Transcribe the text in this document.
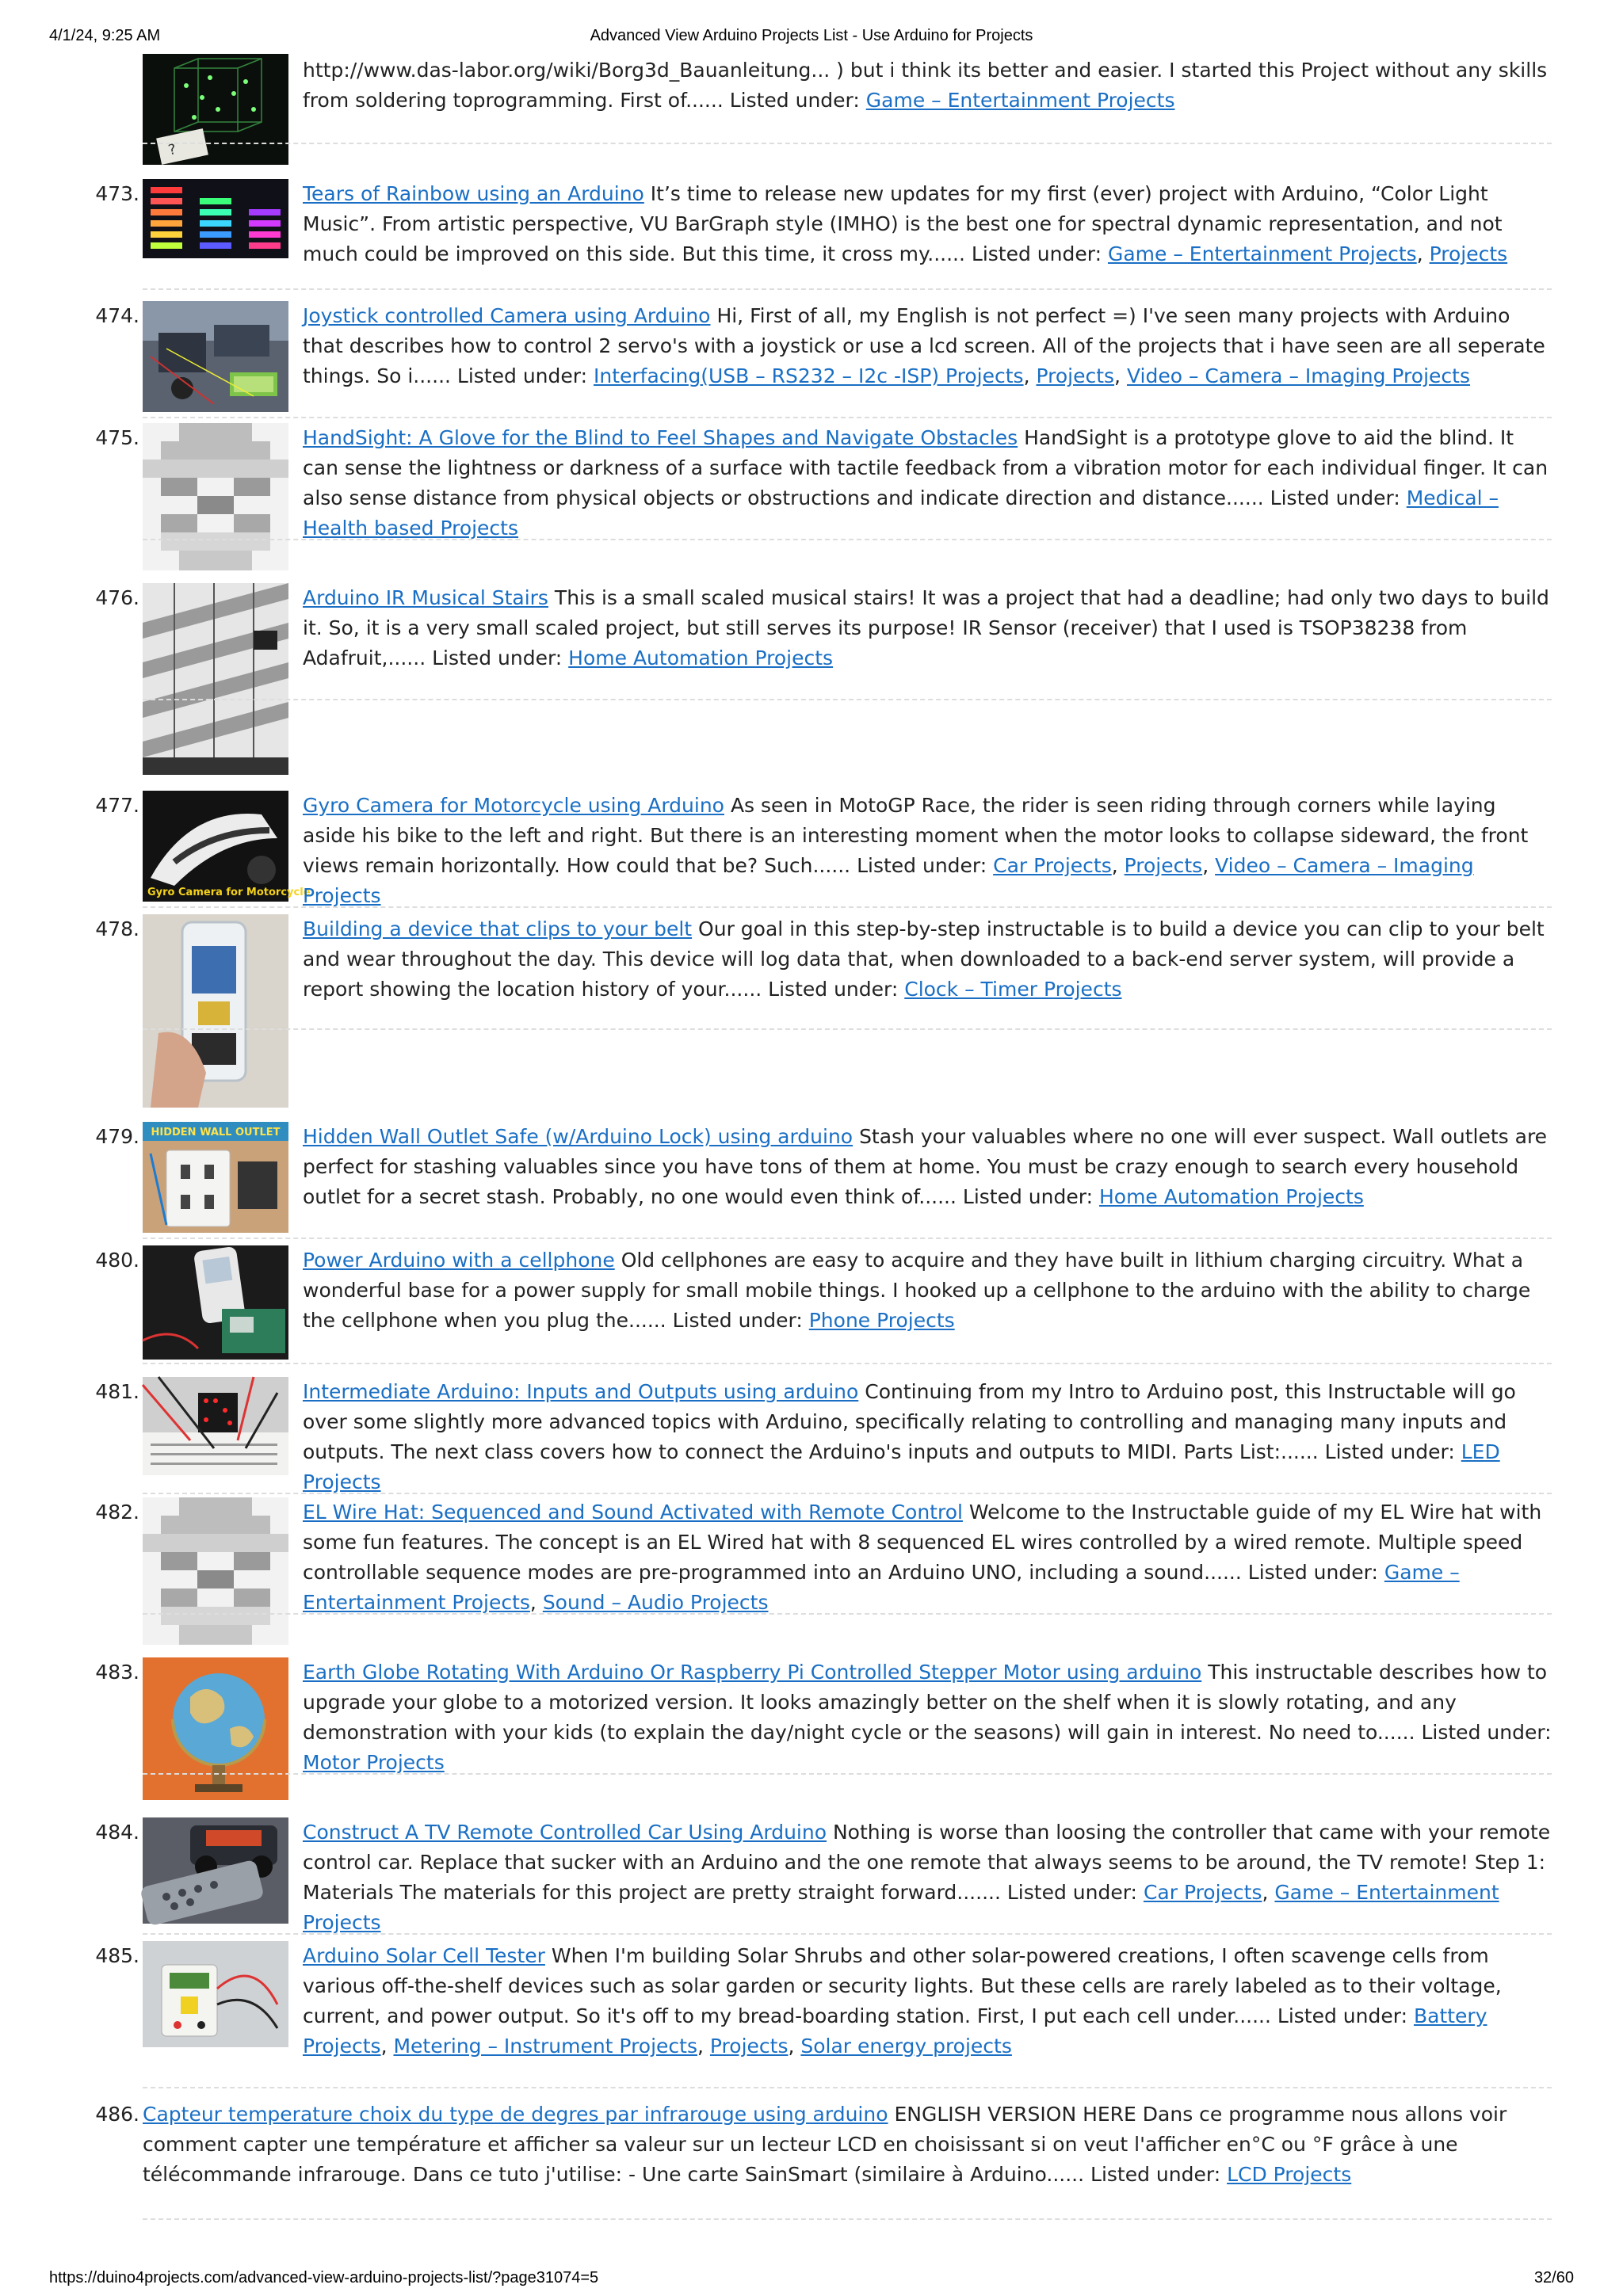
4/1/24, 9:25 AM	Advanced View Arduino Projects List - Use Arduino for Projects
?
http://www.das-labor.org/wiki/Borg3d_Bauanleitung... ) but i think its better and easier. I started this Project without any skills from soldering toprogramming. First of...... Listed under: Game – Entertainment Projects
473.	Tears of Rainbow using an Arduino It’s time to release new updates for my first (ever) project with Arduino, “Color Light Music”. From artistic perspective, VU BarGraph style (IMHO) is the best one for spectral dynamic representation, and not much could be improved on this side. But this time, it cross my...... Listed under: Game – Entertainment Projects, Projects
474.	Joystick controlled Camera using Arduino Hi, First of all, my English is not perfect =) I've seen many projects with Arduino that describes how to control 2 servo's with a joystick or use a lcd screen. All of the projects that i have seen are all seperate things. So i...... Listed under: Interfacing(USB – RS232 – I2c -ISP) Projects, Projects, Video – Camera – Imaging Projects
475.	HandSight: A Glove for the Blind to Feel Shapes and Navigate Obstacles HandSight is a prototype glove to aid the blind. It can sense the lightness or darkness of a surface with tactile feedback from a vibration motor for each individual finger. It can also sense distance from physical objects or obstructions and indicate direction and distance...... Listed under: Medical – Health based Projects
476.	Arduino IR Musical Stairs This is a small scaled musical stairs! It was a project that had a deadline; had only two days to build it. So, it is a very small scaled project, but still serves its purpose! IR Sensor (receiver) that I used is TSOP38238 from Adafruit,...... Listed under: Home Automation Projects
477.
Gyro Camera for Motorcycle
Gyro Camera for Motorcycle using Arduino As seen in MotoGP Race, the rider is seen riding through corners while laying aside his bike to the left and right. But there is an interesting moment when the motor looks to collapse sideward, the front views remain horizontally. How could that be? Such...... Listed under: Car Projects, Projects, Video – Camera – Imaging Projects
478.	Building a device that clips to your belt Our goal in this step-by-step instructable is to build a device you can clip to your belt and wear throughout the day. This device will log data that, when downloaded to a back-end server system, will provide a report showing the location history of your...... Listed under: Clock – Timer Projects
479. HIDDEN WALL OUTLET Hidden Wall Outlet Safe (w/Arduino Lock) using arduino Stash your valuables where no one will ever suspect. Wall outlets are perfect for stashing valuables since you have tons of them at home. You must be crazy enough to search every household outlet for a secret stash. Probably, no one would even think of...... Listed under: Home Automation Projects
480.	Power Arduino with a cellphone Old cellphones are easy to acquire and they have built in lithium charging circuitry. What a wonderful base for a power supply for small mobile things. I hooked up a cellphone to the arduino with the ability to charge the cellphone when you plug the...... Listed under: Phone Projects
481.	Intermediate Arduino: Inputs and Outputs using arduino Continuing from my Intro to Arduino post, this Instructable will go over some slightly more advanced topics with Arduino, specifically relating to controlling and managing many inputs and outputs. The next class covers how to connect the Arduino's inputs and outputs to MIDI. Parts List:...... Listed under: LED Projects
482.	EL Wire Hat: Sequenced and Sound Activated with Remote Control Welcome to the Instructable guide of my EL Wire hat with some fun features. The concept is an EL Wired hat with 8 sequenced EL wires controlled by a wired remote. Multiple speed controllable sequence modes are pre-programmed into an Arduino UNO, including a sound...... Listed under: Game – Entertainment Projects, Sound – Audio Projects
483.	Earth Globe Rotating With Arduino Or Raspberry Pi Controlled Stepper Motor using arduino This instructable describes how to upgrade your globe to a motorized version. It looks amazingly better on the shelf when it is slowly rotating, and any demonstration with your kids (to explain the day/night cycle or the seasons) will gain in interest. No need to...... Listed under: Motor Projects
484.	Construct A TV Remote Controlled Car Using Arduino Nothing is worse than loosing the controller that came with your remote control car. Replace that sucker with an Arduino and the one remote that always seems to be around, the TV remote! Step 1: Materials The materials for this project are pretty straight forward....... Listed under: Car Projects, Game – Entertainment Projects
485.	Arduino Solar Cell Tester When I'm building Solar Shrubs and other solar-powered creations, I often scavenge cells from various off-the-shelf devices such as solar garden or security lights. But these cells are rarely labeled as to their voltage, current, and power output. So it's off to my bread-boarding station. First, I put each cell under...... Listed under: Battery Projects, Metering – Instrument Projects, Projects, Solar energy projects
486. Capteur temperature choix du type de degres par infrarouge using arduino ENGLISH VERSION HERE Dans ce programme nous allons voir comment capter une température et afficher sa valeur sur un lecteur LCD en choisissant si on veut l'afficher en°C ou °F grâce à une télécommande infrarouge. Dans ce tuto j'utilise: - Une carte SainSmart (similaire à Arduino...... Listed under: LCD Projects
https://duino4projects.com/advanced-view-arduino-projects-list/?page31074=5	32/60
